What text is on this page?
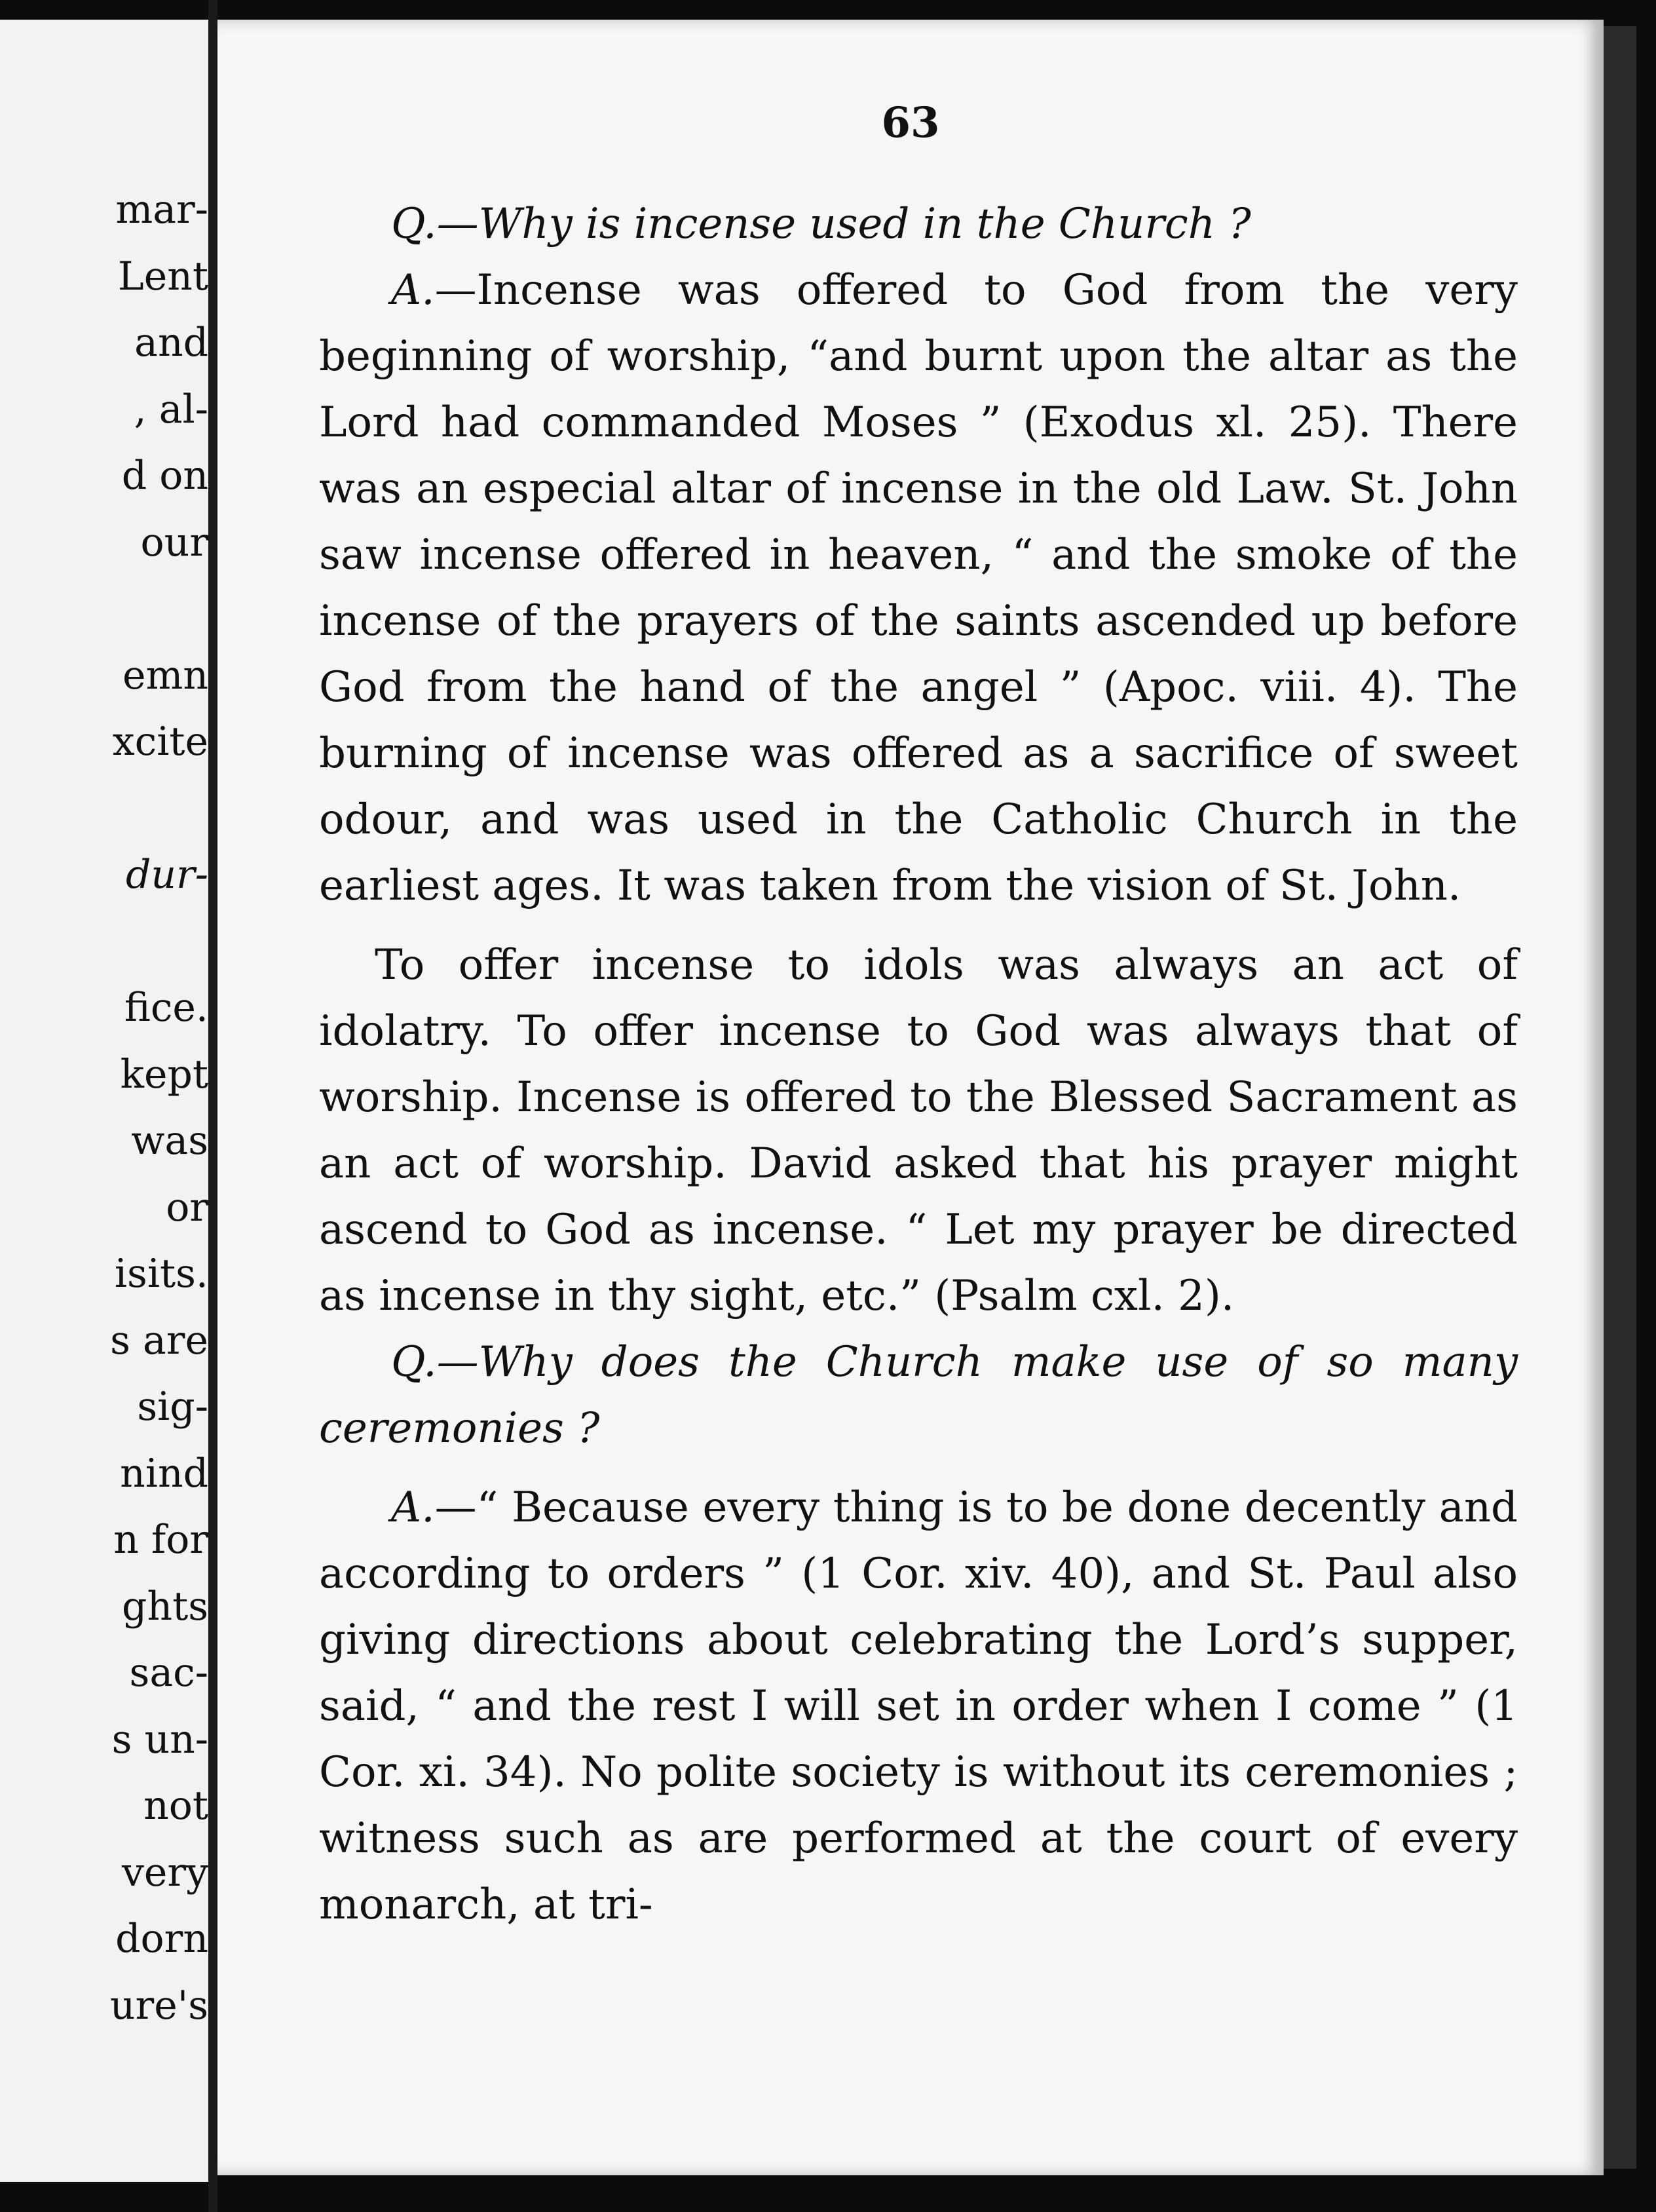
mar-
Lent
and
, al-
d on
our
emn
xcite
dur-
fice.
kept
was
or
isits.
s are
sig-
nind
n for
ghts
sac-
s un-
not
very
dorn
ure's
63

Q.—Why is incense used in the Church ?

A.—Incense was offered to God from the very beginning of worship, “and burnt upon the altar as the Lord had commanded Moses ” (Exodus xl. 25). There was an especial altar of incense in the old Law. St. John saw incense offered in heaven, “ and the smoke of the incense of the prayers of the saints ascended up before God from the hand of the angel ” (Apoc. viii. 4). The burning of incense was offered as a sacrifice of sweet odour, and was used in the Catholic Church in the earliest ages. It was taken from the vision of St. John.

To offer incense to idols was always an act of idolatry. To offer incense to God was always that of worship. Incense is offered to the Blessed Sacrament as an act of worship. David asked that his prayer might ascend to God as incense. “ Let my prayer be directed as incense in thy sight, etc.” (Psalm cxl. 2).

Q.—Why does the Church make use of so many ceremonies ?

A.—“ Because every thing is to be done decently and according to orders ” (1 Cor. xiv. 40), and St. Paul also giving directions about celebrating the Lord’s supper, said, “ and the rest I will set in order when I come ” (1 Cor. xi. 34). No polite society is without its ceremonies ; witness such as are performed at the court of every monarch, at tri-
